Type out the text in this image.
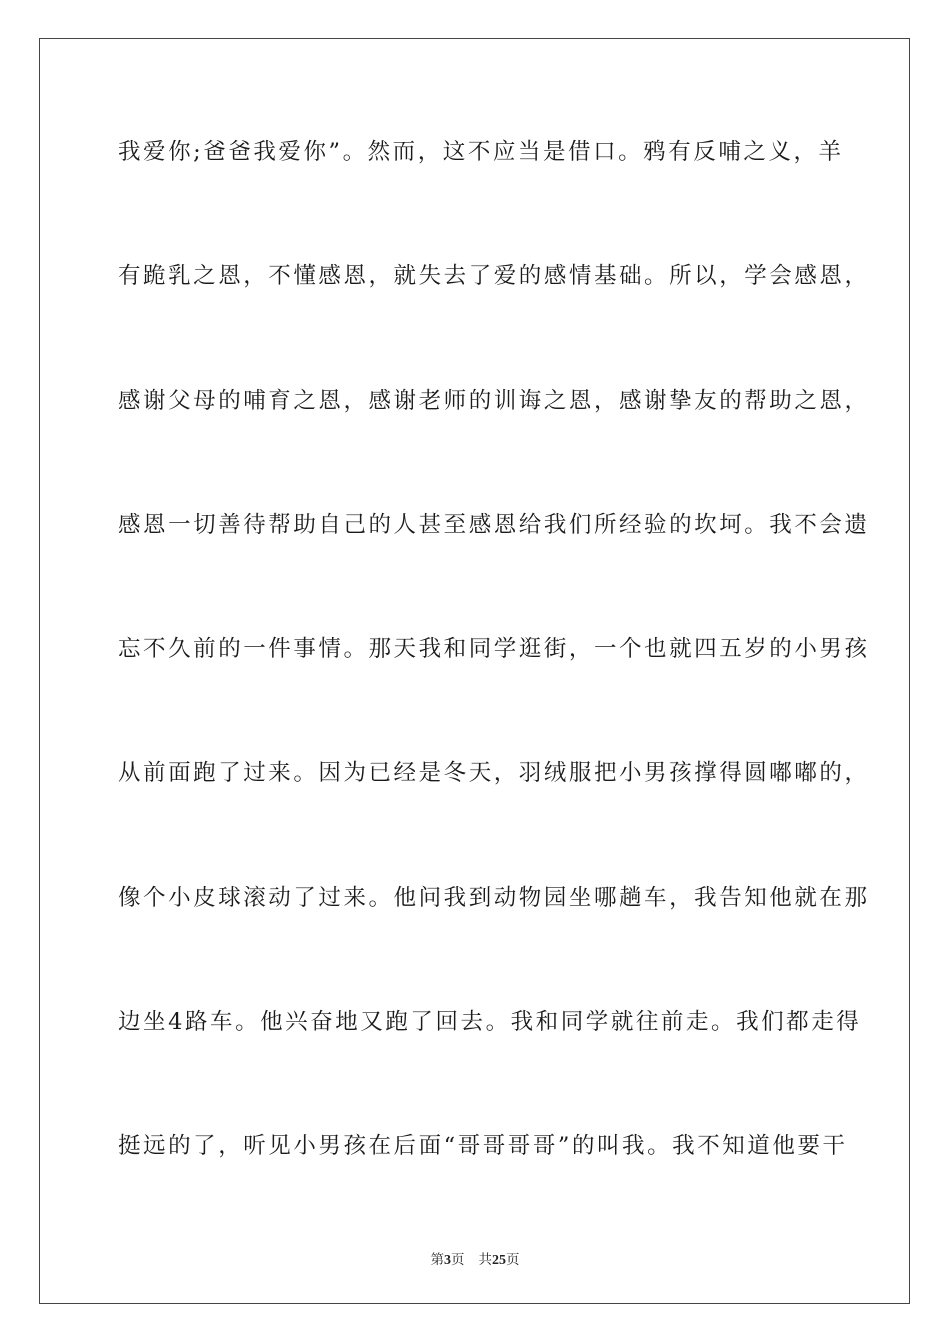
我爱你;爸爸我爱你”。然而，这不应当是借口。鸦有反哺之义，羊
有跪乳之恩，不懂感恩，就失去了爱的感情基础。所以，学会感恩，
感谢父母的哺育之恩，感谢老师的训诲之恩，感谢挚友的帮助之恩，
感恩一切善待帮助自己的人甚至感恩给我们所经验的坎坷。我不会遗
忘不久前的一件事情。那天我和同学逛街，一个也就四五岁的小男孩
从前面跑了过来。因为已经是冬天，羽绒服把小男孩撑得圆嘟嘟的，
像个小皮球滚动了过来。他问我到动物园坐哪趟车，我告知他就在那
边坐4路车。他兴奋地又跑了回去。我和同学就往前走。我们都走得
挺远的了，听见小男孩在后面“哥哥哥哥”的叫我。我不知道他要干
第3页 共25页
